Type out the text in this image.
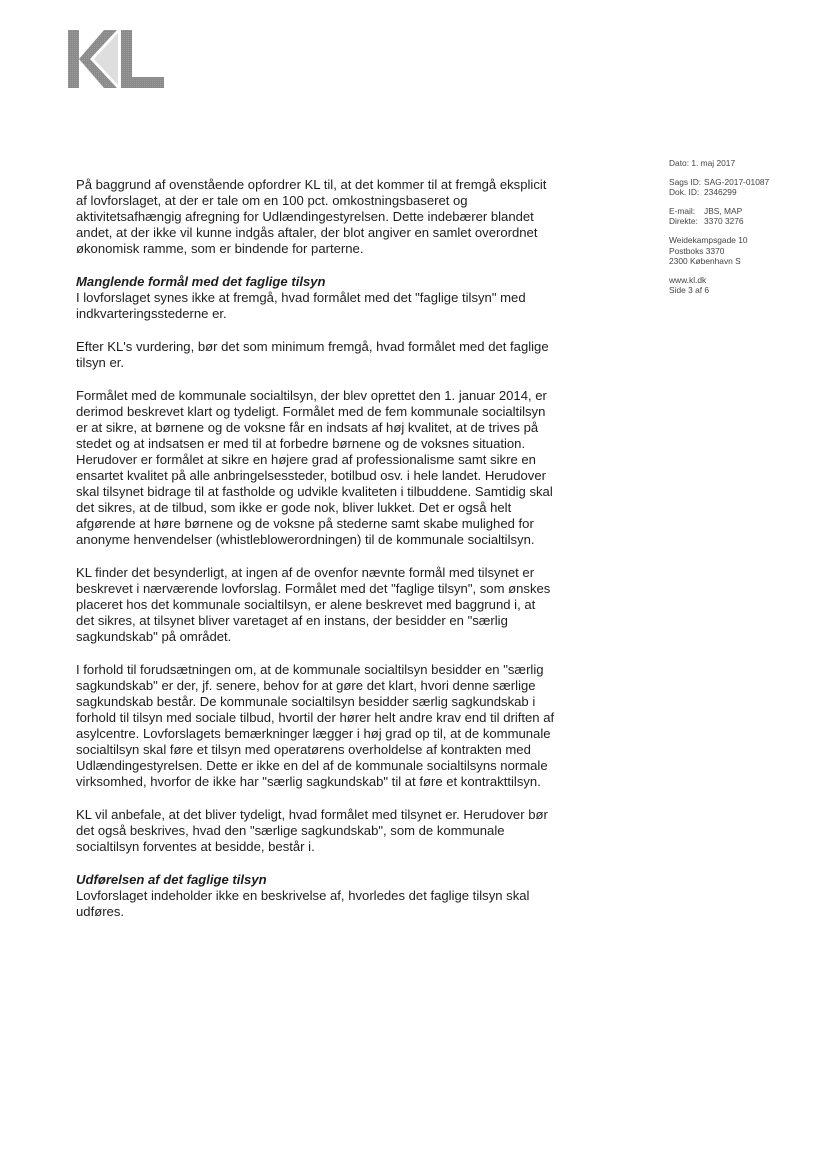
Dato: 1. maj 2017
Sags ID: SAG-2017-01087
Dok. ID: 2346299
E-mail:	JBS, MAP
Direkte: 3370 3276
Weidekampsgade 10
Postboks 3370
2300 København S
www.kl.dk
Side 3 af 6

På baggrund af ovenstående opfordrer KL til, at det kommer til at fremgå eksplicit af lovforslaget, at der er tale om en 100 pct. omkostningsbaseret og aktivitetsafhængig afregning for Udlændingestyrelsen. Dette indebærer blandet andet, at der ikke vil kunne indgås aftaler, der blot angiver en samlet overordnet økonomisk ramme, som er bindende for parterne.

Manglende formål med det faglige tilsyn

I lovforslaget synes ikke at fremgå, hvad formålet med det "faglige tilsyn" med indkvarteringsstederne er.

Efter KL's vurdering, bør det som minimum fremgå, hvad formålet med det faglige tilsyn er.

Formålet med de kommunale socialtilsyn, der blev oprettet den 1. januar 2014, er derimod beskrevet klart og tydeligt. Formålet med de fem kommunale socialtilsyn er at sikre, at børnene og de voksne får en indsats af høj kvalitet, at de trives på stedet og at indsatsen er med til at forbedre børnene og de voksnes situation. Herudover er formålet at sikre en højere grad af professionalisme samt sikre en ensartet kvalitet på alle anbringelsessteder, botilbud osv. i hele landet. Herudover skal tilsynet bidrage til at fastholde og udvikle kvaliteten i tilbuddene. Samtidig skal det sikres, at de tilbud, som ikke er gode nok, bliver lukket. Det er også helt afgørende at høre børnene og de voksne på stederne samt skabe mulighed for anonyme henvendelser (whistleblowerordningen) til de kommunale socialtilsyn.

KL finder det besynderligt, at ingen af de ovenfor nævnte formål med tilsynet er beskrevet i nærværende lovforslag. Formålet med det "faglige tilsyn", som ønskes placeret hos det kommunale socialtilsyn, er alene beskrevet med baggrund i, at det sikres, at tilsynet bliver varetaget af en instans, der besidder en "særlig sagkundskab" på området.

I forhold til forudsætningen om, at de kommunale socialtilsyn besidder en "særlig sagkundskab" er der, jf. senere, behov for at gøre det klart, hvori denne særlige sagkundskab består. De kommunale socialtilsyn besidder særlig sagkundskab i forhold til tilsyn med sociale tilbud, hvortil der hører helt andre krav end til driften af asylcentre. Lovforslagets bemærkninger lægger i høj grad op til, at de kommunale socialtilsyn skal føre et tilsyn med operatørens overholdelse af kontrakten med Udlændingestyrelsen. Dette er ikke en del af de kommunale socialtilsyns normale virksomhed, hvorfor de ikke har "særlig sagkundskab" til at føre et kontrakttilsyn.

KL vil anbefale, at det bliver tydeligt, hvad formålet med tilsynet er. Herudover bør det også beskrives, hvad den "særlige sagkundskab", som de kommunale socialtilsyn forventes at besidde, består i.

Udførelsen af det faglige tilsyn

Lovforslaget indeholder ikke en beskrivelse af, hvorledes det faglige tilsyn skal udføres.
